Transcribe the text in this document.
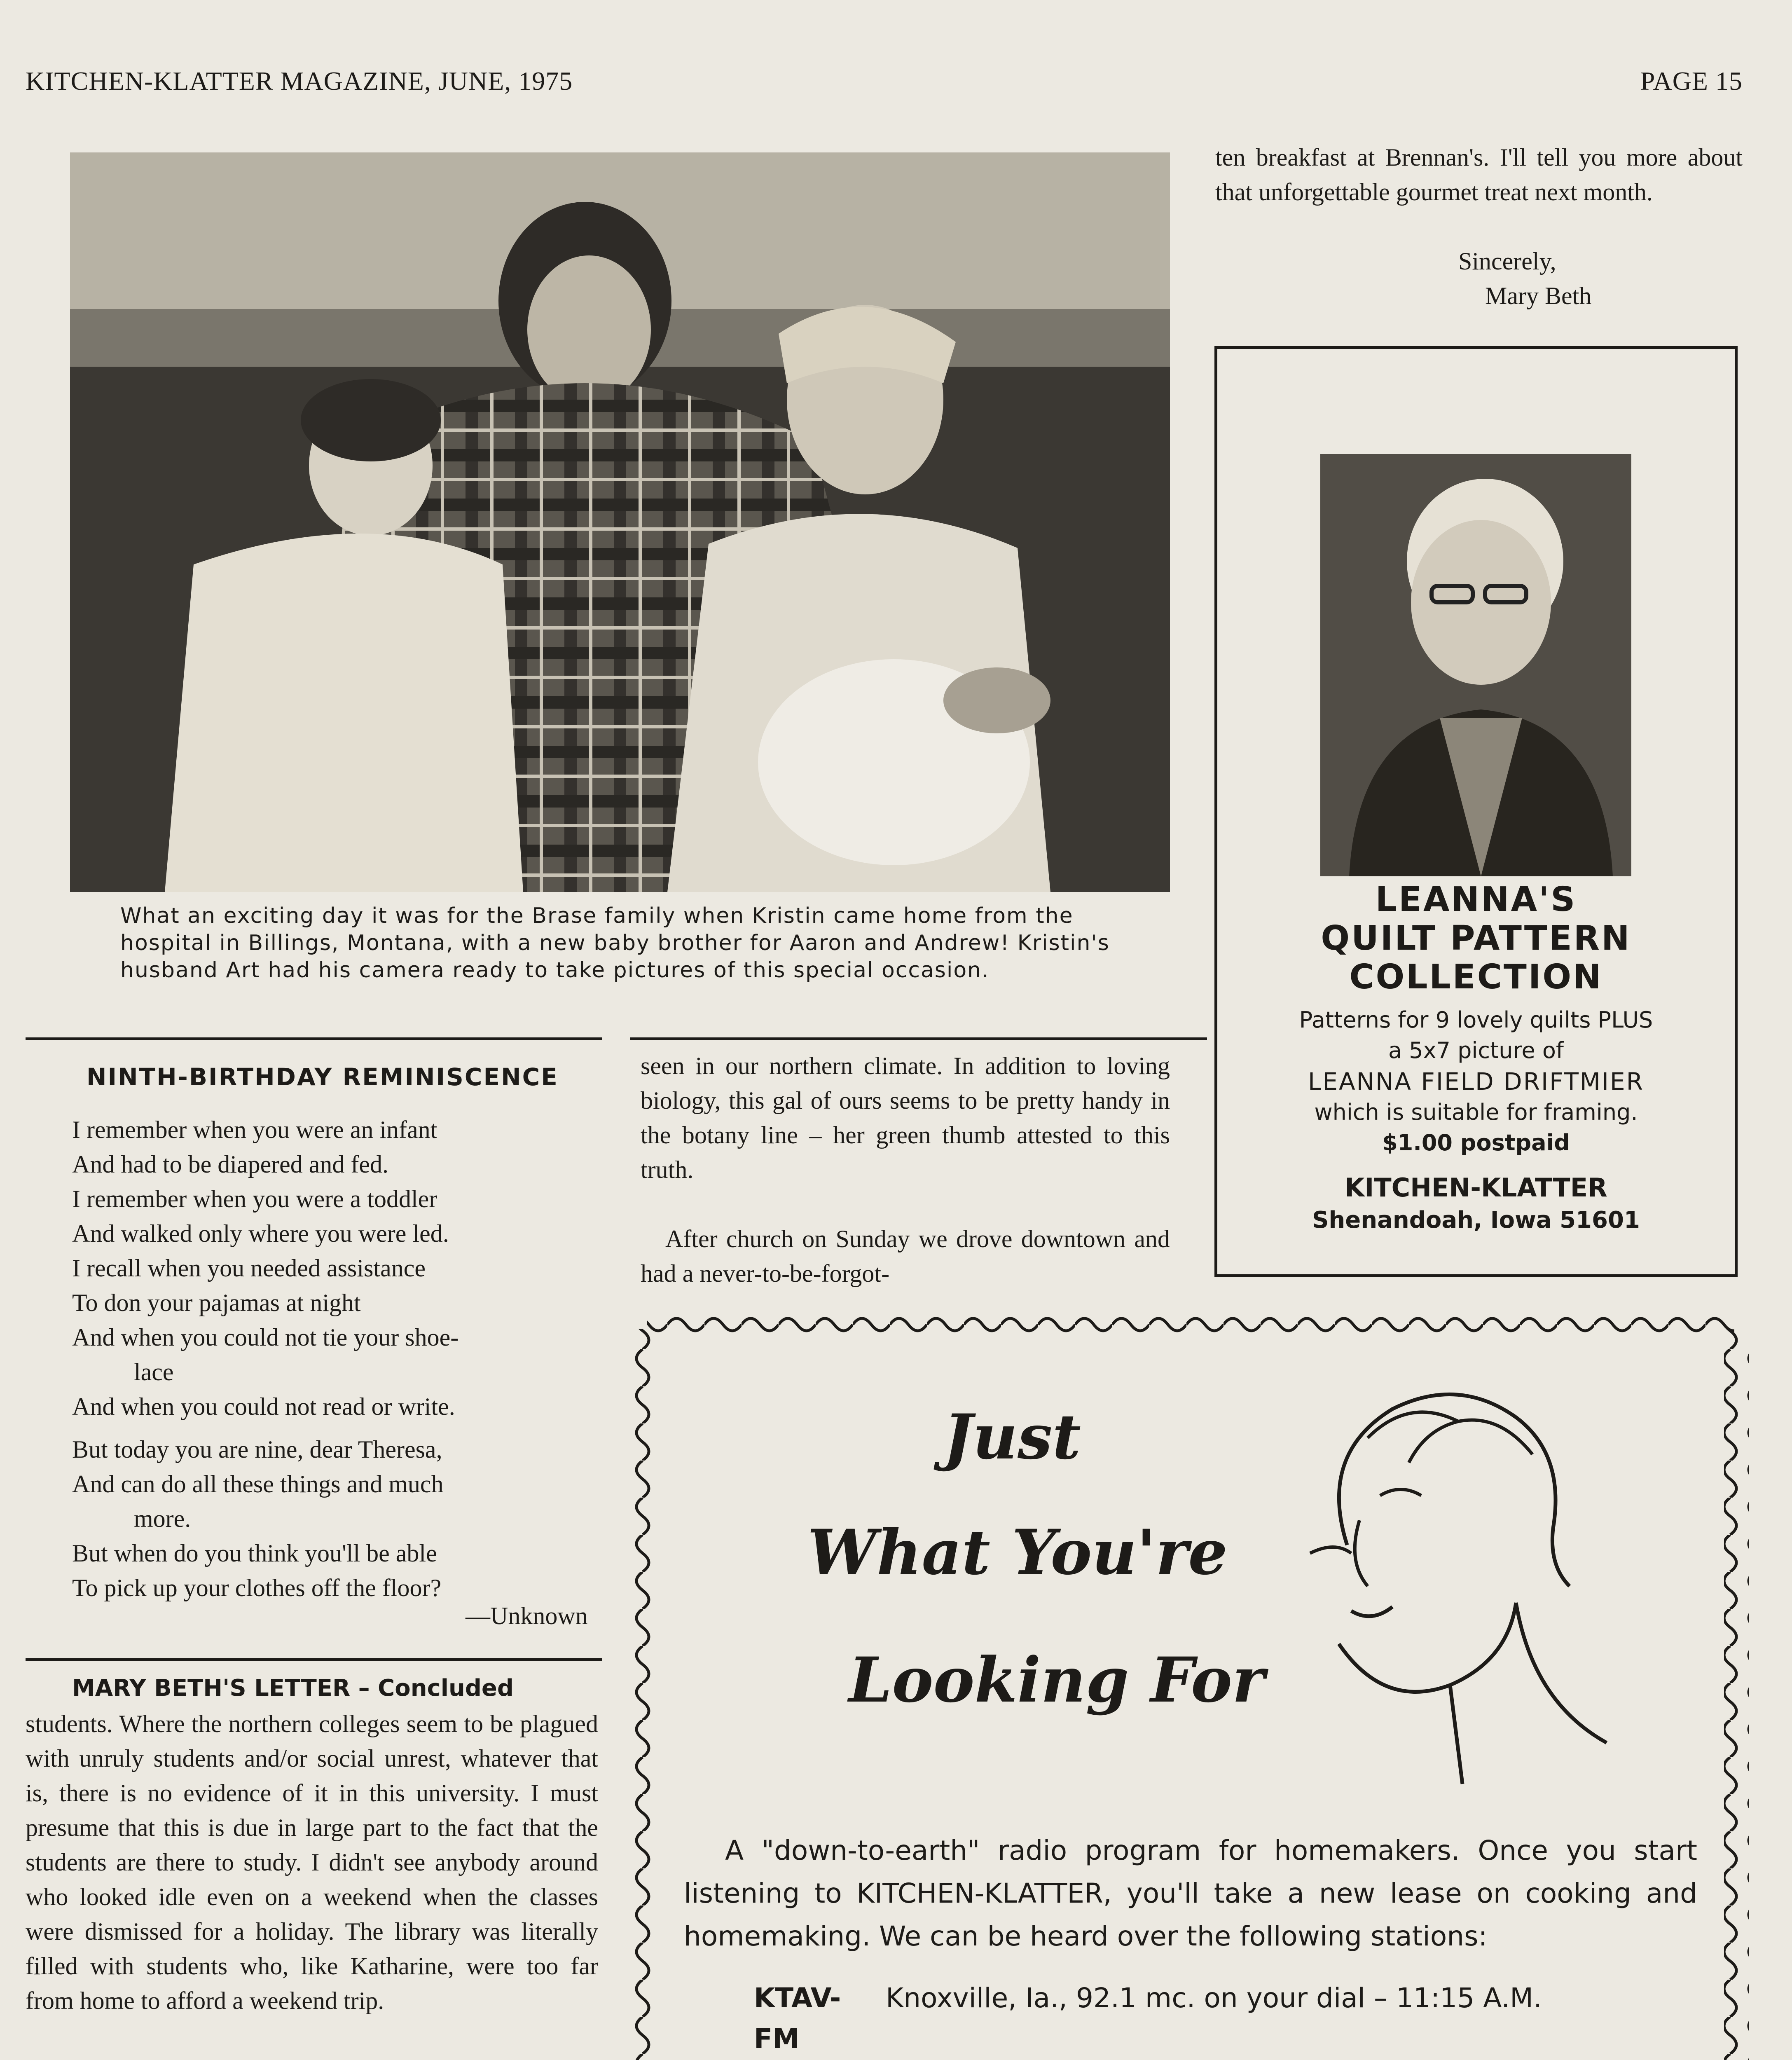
KITCHEN-KLATTER MAGAZINE, JUNE, 1975	PAGE 15
What an exciting day it was for the Brase family when Kristin came home from the hospital in Billings, Montana, with a new baby brother for Aaron and Andrew! Kristin's husband Art had his camera ready to take pictures of this special occasion.
ten breakfast at Brennan's. I'll tell you more about that unforgettable gourmet treat next month.
Sincerely,
Mary Beth
LEANNA'S
QUILT PATTERN
COLLECTION
Patterns for 9 lovely quilts PLUS
a 5x7 picture of
LEANNA FIELD DRIFTMIER
which is suitable for framing.
$1.00 postpaid
KITCHEN-KLATTER
Shenandoah, Iowa 51601
NINTH-BIRTHDAY REMINISCENCE
I remember when you were an infant
And had to be diapered and fed.
I remember when you were a toddler
And walked only where you were led.
I recall when you needed assistance
To don your pajamas at night
And when you could not tie your shoe-
lace
And when you could not read or write.
But today you are nine, dear Theresa,
And can do all these things and much
more.
But when do you think you'll be able
To pick up your clothes off the floor?
—Unknown
MARY BETH'S LETTER – Concluded
students. Where the northern colleges seem to be plagued with unruly students and/or social unrest, whatever that is, there is no evidence of it in this university. I must presume that this is due in large part to the fact that the students are there to study. I didn't see anybody around who looked idle even on a weekend when the classes were dismissed for a holiday. The library was literally filled with students who, like Katharine, were too far from home to afford a weekend trip.
seen in our northern climate. In addition to loving biology, this gal of ours seems to be pretty handy in the botany line – her green thumb attested to this truth.
After church on Sunday we drove downtown and had a never-to-be-forgot-
Just
What You're
Looking For
A "down-to-earth" radio program for homemakers. Once you start listening to KITCHEN-KLATTER, you'll take a new lease on cooking and homemaking. We can be heard over the following stations:
KTAV-FM
Knoxville, Ia., 92.1 mc. on your dial – 11:15 A.M.
